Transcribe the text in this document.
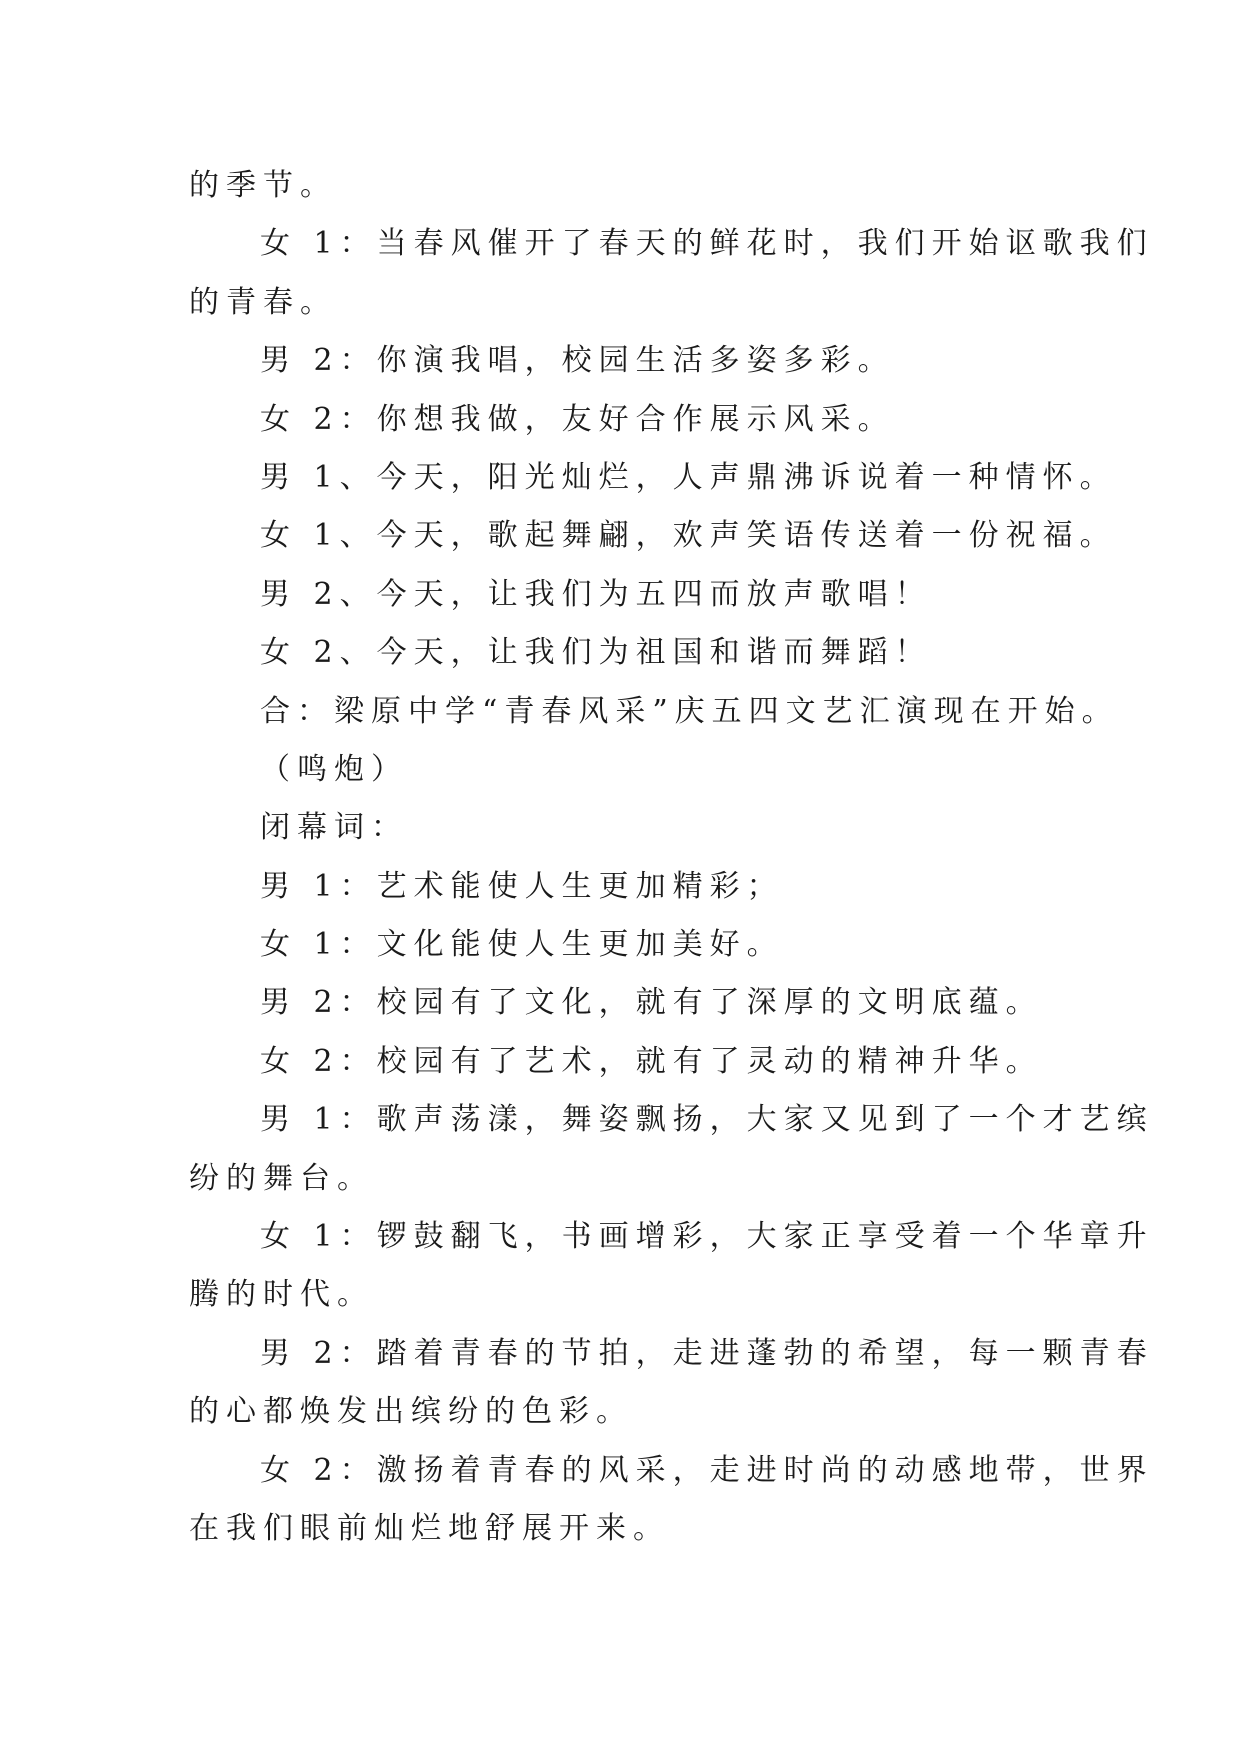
的季节。
女 1：当春风催开了春天的鲜花时，我们开始讴歌我们
的青春。
男 2：你演我唱，校园生活多姿多彩。
女 2：你想我做，友好合作展示风采。
男 1、今天，阳光灿烂，人声鼎沸诉说着一种情怀。
女 1、今天，歌起舞翩，欢声笑语传送着一份祝福。
男 2、今天，让我们为五四而放声歌唱！
女 2、今天，让我们为祖国和谐而舞蹈！
合：梁原中学“青春风采”庆五四文艺汇演现在开始。
（鸣炮）
闭幕词：
男 1：艺术能使人生更加精彩；
女 1：文化能使人生更加美好。
男 2：校园有了文化，就有了深厚的文明底蕴。
女 2：校园有了艺术，就有了灵动的精神升华。
男 1：歌声荡漾，舞姿飘扬，大家又见到了一个才艺缤
纷的舞台。
女 1：锣鼓翻飞，书画增彩，大家正享受着一个华章升
腾的时代。
男 2：踏着青春的节拍，走进蓬勃的希望，每一颗青春
的心都焕发出缤纷的色彩。
女 2：激扬着青春的风采，走进时尚的动感地带，世界
在我们眼前灿烂地舒展开来。
